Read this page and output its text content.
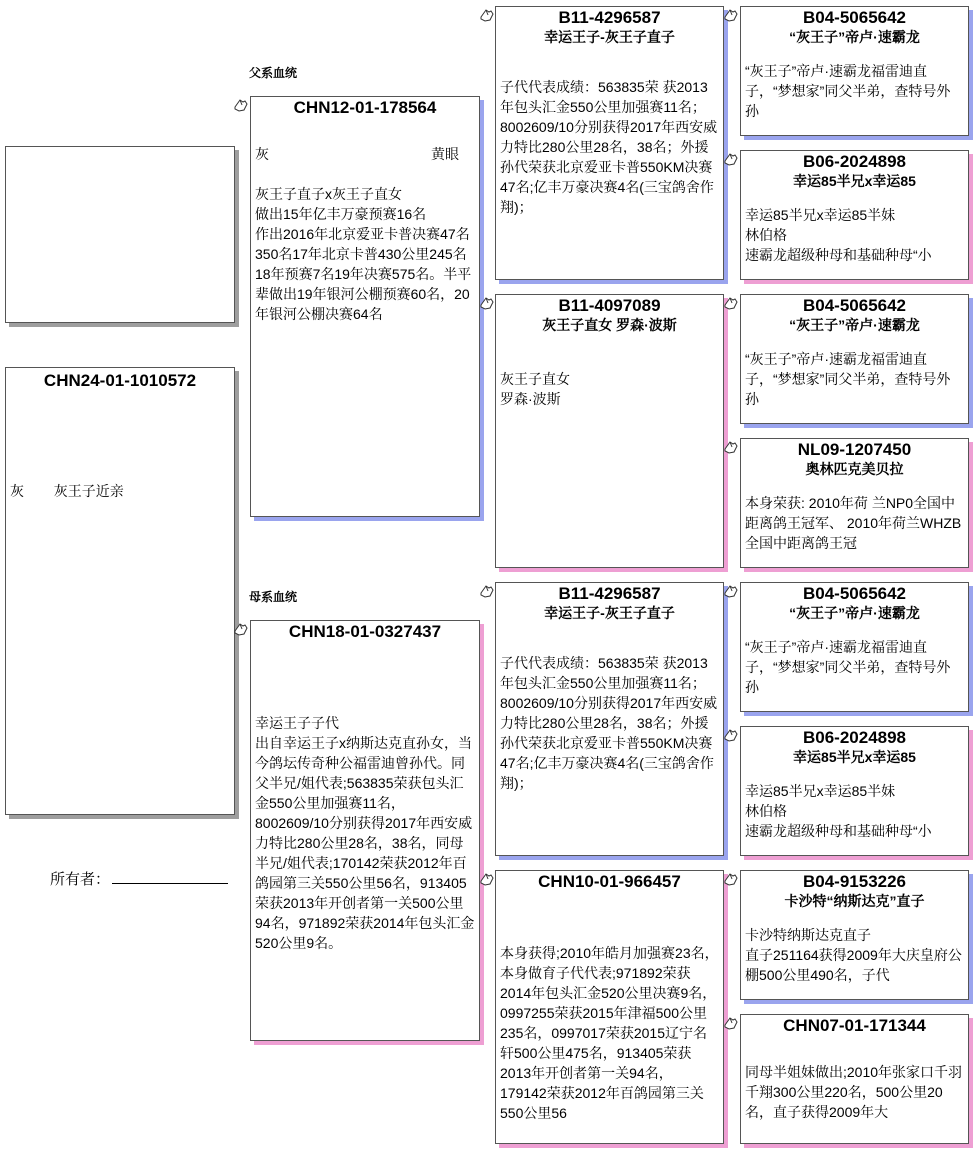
父系血统
母系血统
CHN24-01-1010572
灰 灰王子近亲
所有者：
CHN12-01-178564
灰	黄眼
灰王子直子x灰王子直女
做出15年亿丰万豪预赛16名
作出2016年北京爱亚卡普决赛47名
350名17年北京卡普430公里245名18年预赛7名19年决赛575名。半平辈做出19年银河公棚预赛60名，20年银河公棚决赛64名
CHN18-01-0327437
幸运王子子代
出自幸运王子x纳斯达克直孙女，当今鸽坛传奇种公福雷迪曾孙代。同父半兄/姐代表;563835荣获包头汇金550公里加强赛11名，8002609/10分别获得2017年西安威力特比280公里28名，38名，同母半兄/姐代表;170142荣获2012年百鸽园第三关550公里56名，913405荣获2013年开创者第一关500公里94名，971892荣获2014年包头汇金520公里9名。
B11-4296587
幸运王子-灰王子直子
子代代表成绩：563835荣 获2013年包头汇金550公里加强赛11名；8002609/10分别获得2017年西安威力特比280公里28名，38名；外援孙代荣获北京爱亚卡普550KM决赛47名;亿丰万豪决赛4名(三宝鸽舍作翔)；
B11-4097089
灰王子直女 罗森·波斯
灰王子直女
罗森·波斯
B11-4296587
幸运王子-灰王子直子
子代代表成绩：563835荣 获2013年包头汇金550公里加强赛11名；8002609/10分别获得2017年西安威力特比280公里28名，38名；外援孙代荣获北京爱亚卡普550KM决赛47名;亿丰万豪决赛4名(三宝鸽舍作翔)；
CHN10-01-966457
本身获得;2010年皓月加强赛23名，本身做育子代代表;971892荣获2014年包头汇金520公里决赛9名，0997255荣获2015年津福500公里235名，0997017荣获2015辽宁名轩500公里475名，913405荣获2013年开创者第一关94名，179142荣获2012年百鸽园第三关550公里56
B04-5065642
“灰王子”帝卢·速霸龙
“灰王子”帝卢·速霸龙福雷迪直子，“梦想家”同父半弟，查特号外孙
B06-2024898
幸运85半兄x幸运85
幸运85半兄x幸运85半妹
林伯格
速霸龙超级种母和基础种母“小
B04-5065642
“灰王子”帝卢·速霸龙
“灰王子”帝卢·速霸龙福雷迪直子，“梦想家”同父半弟，查特号外孙
NL09-1207450
奥林匹克美贝拉
本身荣获: 2010年荷 兰NP0全国中距离鸽王冠军、 2010年荷兰WHZB全国中距离鸽王冠
B04-5065642
“灰王子”帝卢·速霸龙
“灰王子”帝卢·速霸龙福雷迪直子，“梦想家”同父半弟，查特号外孙
B06-2024898
幸运85半兄x幸运85
幸运85半兄x幸运85半妹
林伯格
速霸龙超级种母和基础种母“小
B04-9153226
卡沙特“纳斯达克”直子
卡沙特纳斯达克直子
直子251164获得2009年大庆皇府公棚500公里490名，子代
CHN07-01-171344
同母半姐妹做出;2010年张家口千羽千翔300公里220名，500公里20名，直子获得2009年大
